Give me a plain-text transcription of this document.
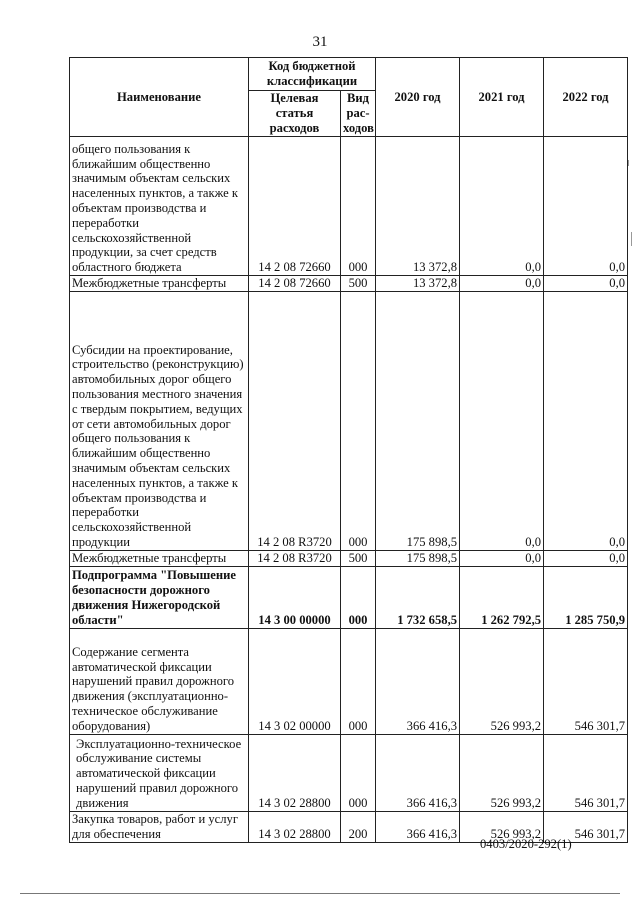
31
Наименование	Код бюджетной классификации		2020 год	2021 год	2022 год
	Целевая статья расходов	Вид рас-ходов			
общего пользования к ближайшим общественно значимым объектам сельских населенных пунктов, а также к объектам производства и переработки сельскохозяйственной продукции, за счет средств областного бюджета	14 2 08 72660	000	13 372,8	0,0	0,0
Межбюджетные трансферты	14 2 08 72660	500	13 372,8	0,0	0,0
Субсидии на проектирование, строительство (реконструкцию) автомобильных дорог общего пользования местного значения с твердым покрытием, ведущих от сети автомобильных дорог общего пользования к ближайшим общественно значимым объектам сельских населенных пунктов, а также к объектам производства и переработки сельскохозяйственной продукции	14 2 08 R3720	000	175 898,5	0,0	0,0
Межбюджетные трансферты	14 2 08 R3720	500	175 898,5	0,0	0,0
Подпрограмма "Повышение безопасности дорожного движения Нижегородской области"	14 3 00 00000	000	1 732 658,5	1 262 792,5	1 285 750,9
Содержание сегмента автоматической фиксации нарушений правил дорожного движения (эксплуатационно-техническое обслуживание оборудования)	14 3 02 00000	000	366 416,3	526 993,2	546 301,7
Эксплуатационно-техническое обслуживание системы автоматической фиксации нарушений правил дорожного движения	14 3 02 28800	000	366 416,3	526 993,2	546 301,7
Закупка товаров, работ и услуг для обеспечения	14 3 02 28800	200	366 416,3	526 993,2	546 301,7
0403/2020-292(1)
